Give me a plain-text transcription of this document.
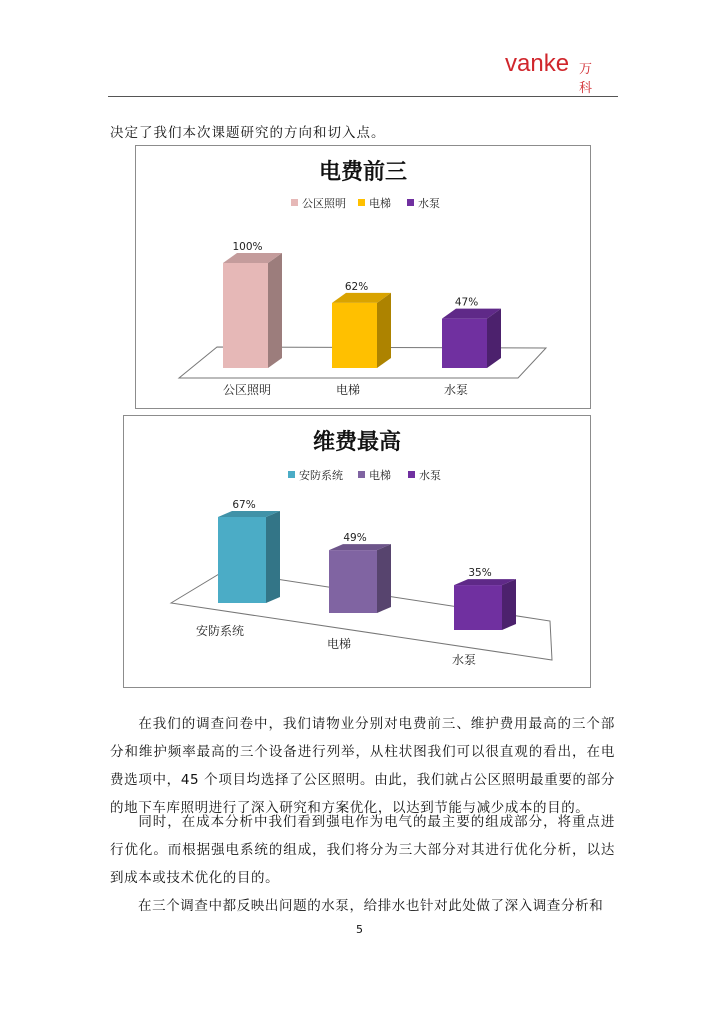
vanke 万科
决定了我们本次课题研究的方向和切入点。
电费前三
公区照明 电梯 水泵
100%
公区照明
62%
电梯
47%
水泵
维费最高
安防系统 电梯	水泵
67%
安防系统
49%
电梯
35%
水泵
在我们的调查问卷中，我们请物业分别对电费前三、维护费用最高的三个部分和维护频率最高的三个设备进行列举，从柱状图我们可以很直观的看出，在电费选项中，45 个项目均选择了公区照明。由此，我们就占公区照明最重要的部分的地下车库照明进行了深入研究和方案优化，以达到节能与减少成本的目的。
同时，在成本分析中我们看到强电作为电气的最主要的组成部分，将重点进行优化。而根据强电系统的组成，我们将分为三大部分对其进行优化分析，以达到成本或技术优化的目的。
在三个调查中都反映出问题的水泵，给排水也针对此处做了深入调查分析和
5
